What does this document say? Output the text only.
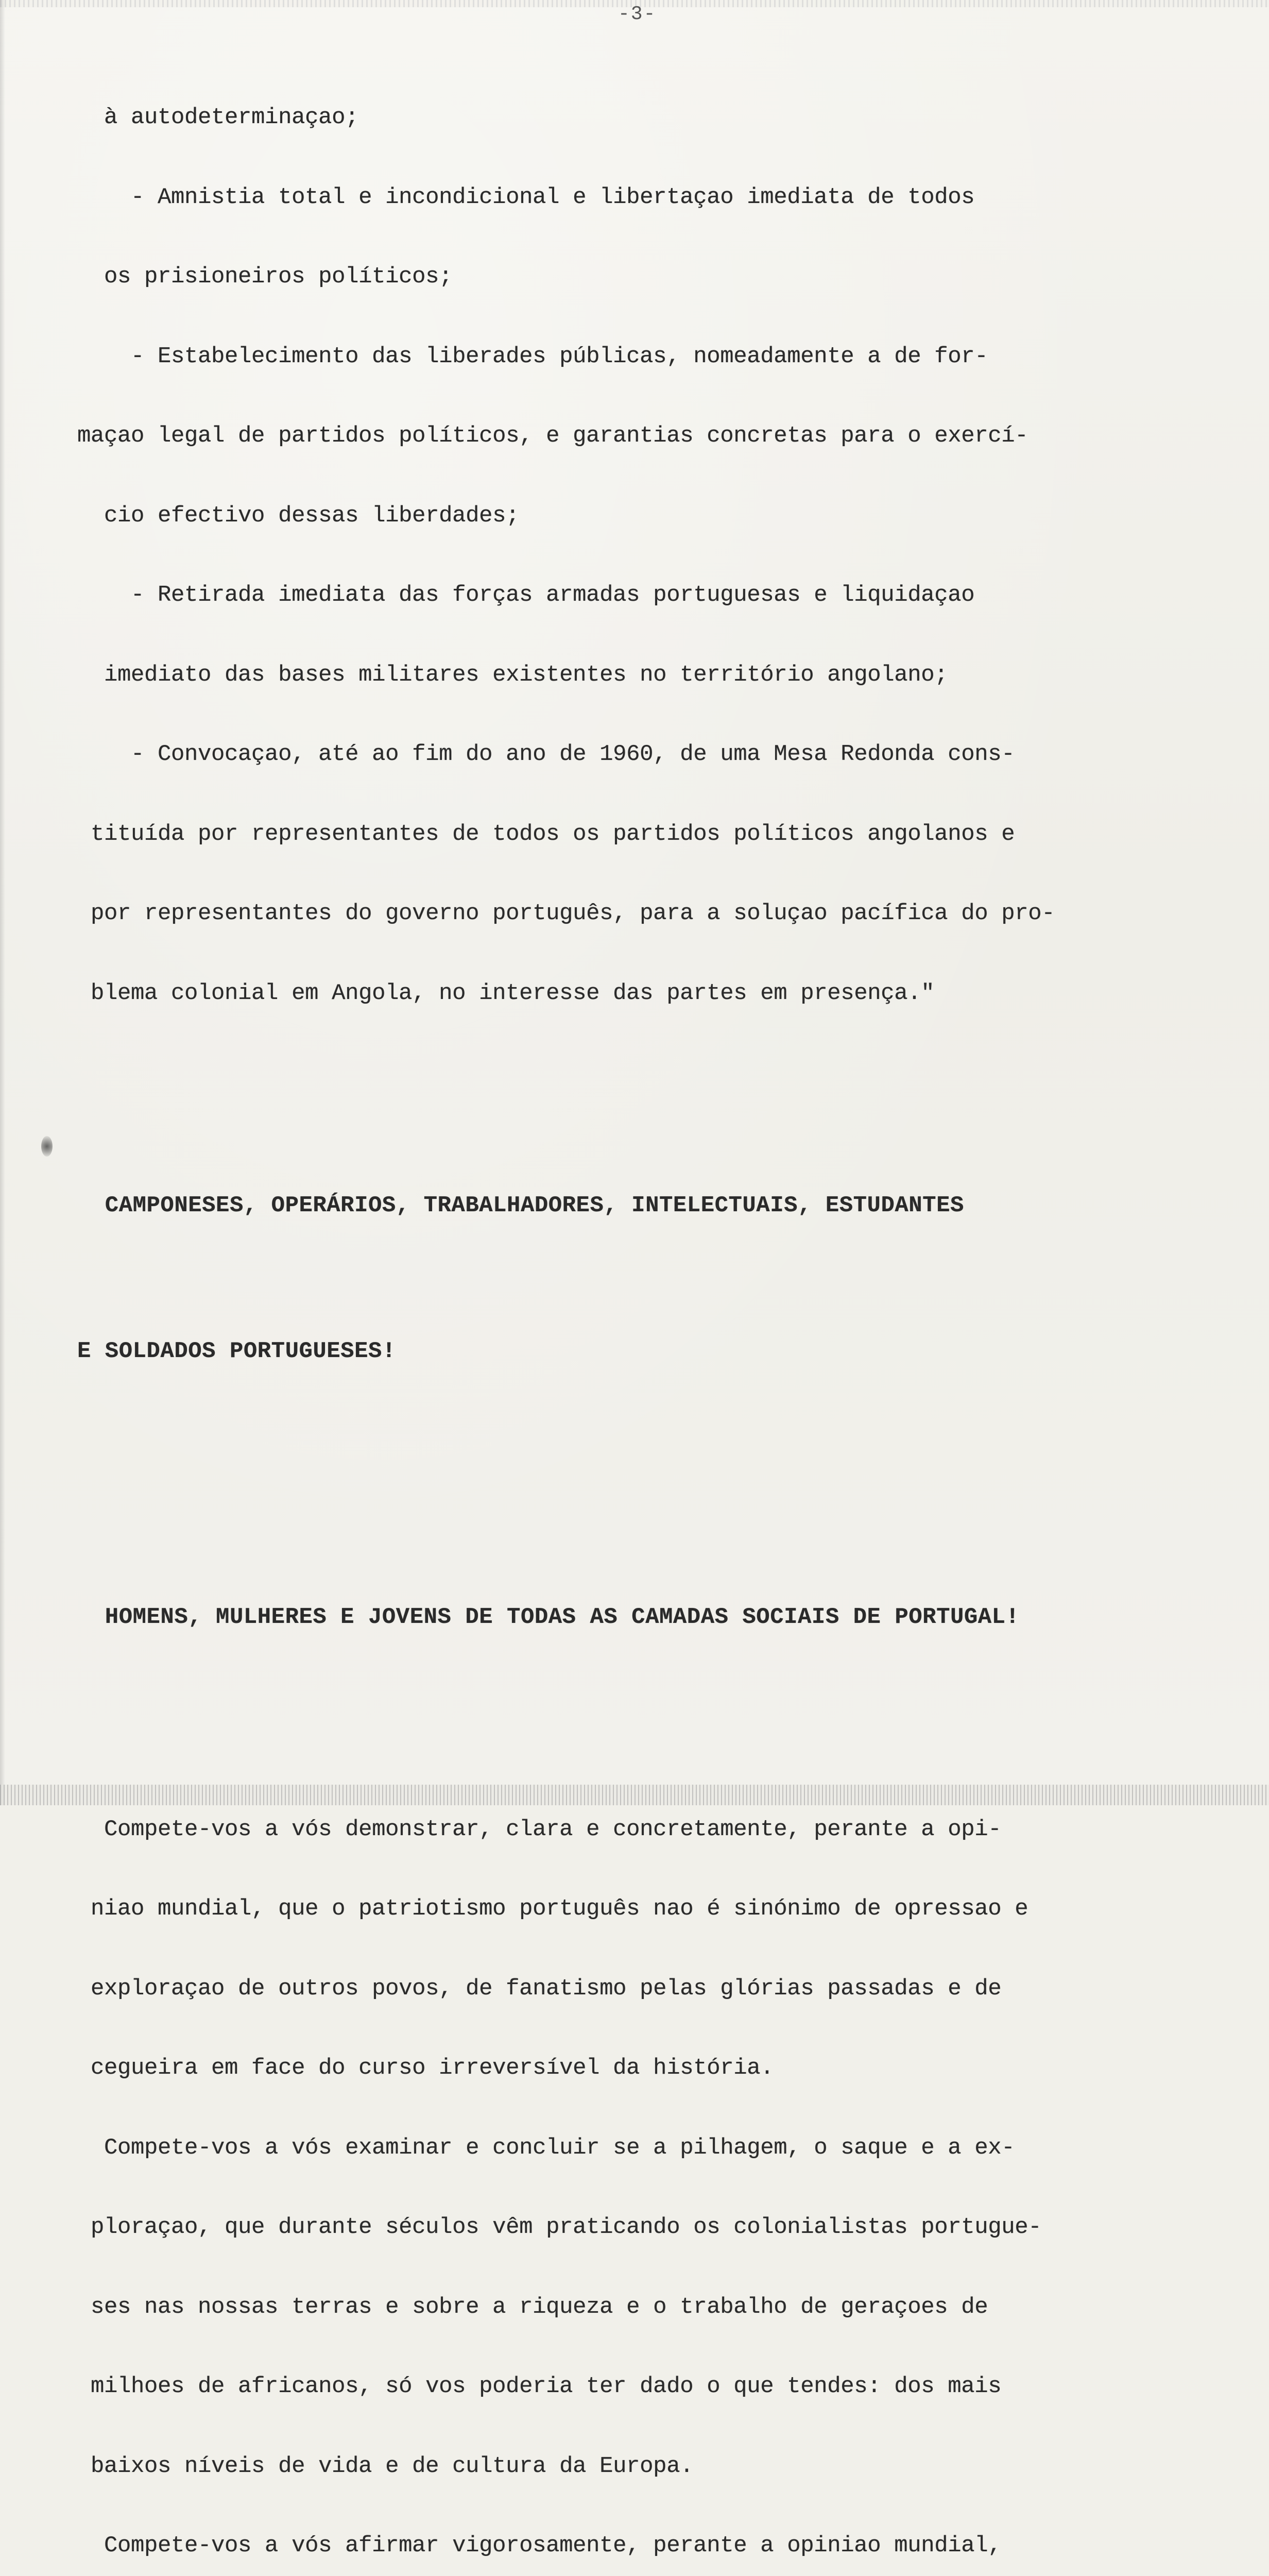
-3-

à autodeterminaçao;

- Amnistia total e incondicional e libertaçao imediata de todos

os prisioneiros políticos;

- Estabelecimento das liberades públicas, nomeadamente a de for-

maçao legal de partidos políticos, e garantias concretas para o exercí-

cio efectivo dessas liberdades;

- Retirada imediata das forças armadas portuguesas e liquidaçao

imediato das bases militares existentes no território angolano;

- Convocaçao, até ao fim do ano de 1960, de uma Mesa Redonda cons-

tituída por representantes de todos os partidos políticos angolanos e

por representantes do governo português, para a soluçao pacífica do pro-

blema colonial em Angola, no interesse das partes em presença."

CAMPONESES, OPERÁRIOS, TRABALHADORES, INTELECTUAIS, ESTUDANTES

E SOLDADOS PORTUGUESES!

HOMENS, MULHERES E JOVENS DE TODAS AS CAMADAS SOCIAIS DE PORTUGAL!

Compete-vos a vós demonstrar, clara e concretamente, perante a opi-

niao mundial, que o patriotismo português nao é sinónimo de opressao e

exploraçao de outros povos, de fanatismo pelas glórias passadas e de

cegueira em face do curso irreversível da história.

Compete-vos a vós examinar e concluir se a pilhagem, o saque e a ex-

ploraçao, que durante séculos vêm praticando os colonialistas portugue-

ses nas nossas terras e sobre a riqueza e o trabalho de geraçoes de

milhoes de africanos, só vos poderia ter dado o que tendes: dos mais

baixos níveis de vida e de cultura da Europa.

Compete-vos a vós afirmar vigorosamente, perante a opiniao mundial,
